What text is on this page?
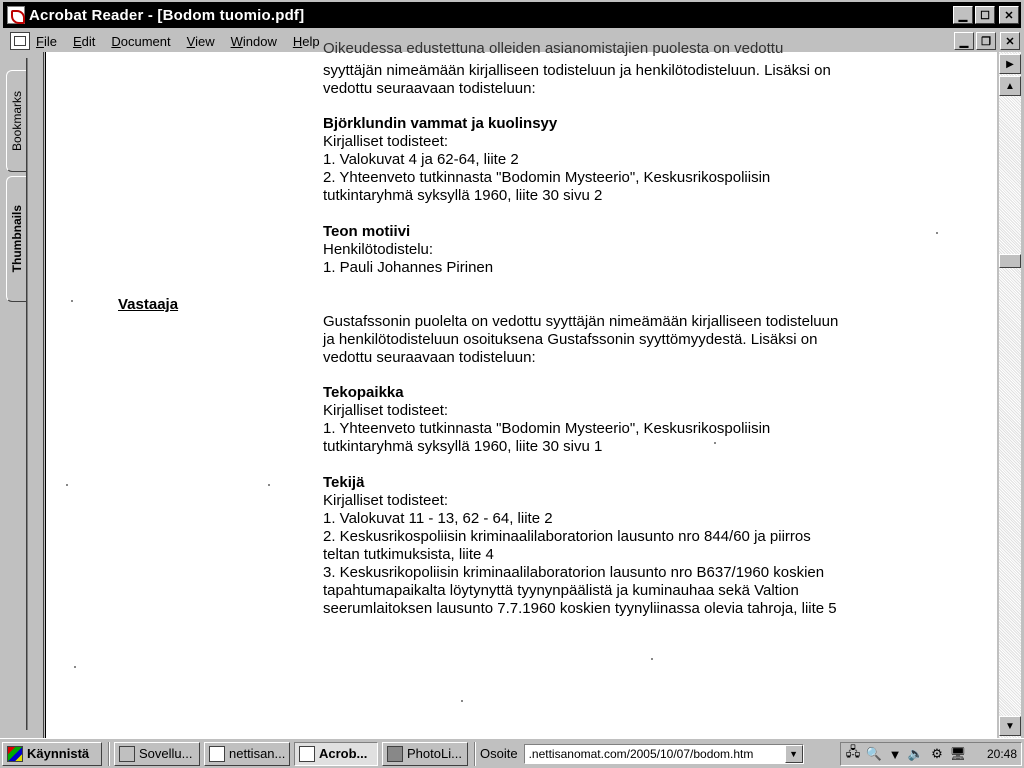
Acrobat Reader - [Bodom tuomio.pdf]	▁ ☐ ✕
File Edit Document View Window Help	▁ ❐ ✕
Bookmarks
Thumbnails
Oikeudessa edustettuna olleiden asianomistajien puolesta on vedottu
syyttäjän nimeämään kirjalliseen todisteluun ja henkilötodisteluun. Lisäksi on
vedottu seuraavaan todisteluun:
Björklundin vammat ja kuolinsyy
Kirjalliset todisteet:
1. Valokuvat 4 ja 62-64, liite 2
2. Yhteenveto tutkinnasta "Bodomin Mysteerio", Keskusrikospoliisin
tutkintaryhmä syksyllä 1960, liite 30 sivu 2
Teon motiivi
Henkilötodistelu:
1. Pauli Johannes Pirinen
Vastaaja
Gustafssonin puolelta on vedottu syyttäjän nimeämään kirjalliseen todisteluun
ja henkilötodisteluun osoituksena Gustafssonin syyttömyydestä. Lisäksi on
vedottu seuraavaan todisteluun:
Tekopaikka
Kirjalliset todisteet:
1. Yhteenveto tutkinnasta "Bodomin Mysteerio", Keskusrikospoliisin
tutkintaryhmä syksyllä 1960, liite 30 sivu 1
Tekijä
Kirjalliset todisteet:
1. Valokuvat 11 - 13, 62 - 64, liite 2
2. Keskusrikospoliisin kriminaalilaboratorion lausunto nro 844/60 ja piirros
teltan tutkimuksista, liite 4
3. Keskusrikopoliisin kriminaalilaboratorion lausunto nro B637/1960 koskien
tapahtumapaikalta löytynyttä tyynynpäälistä ja kuminauhaa sekä Valtion
seerumlaitoksen lausunto 7.7.1960 koskien tyynyliinassa olevia tahroja, liite 5
▶
▲
▼
Käynnistä	Sovellu...	nettisan...	Acrob...	PhotoLi... Osoite .nettisanomat.com/2005/10/07/bodom.htm	▼	🖧 🔍 ▼ 🔈 ⚙ 🖥 20:48
